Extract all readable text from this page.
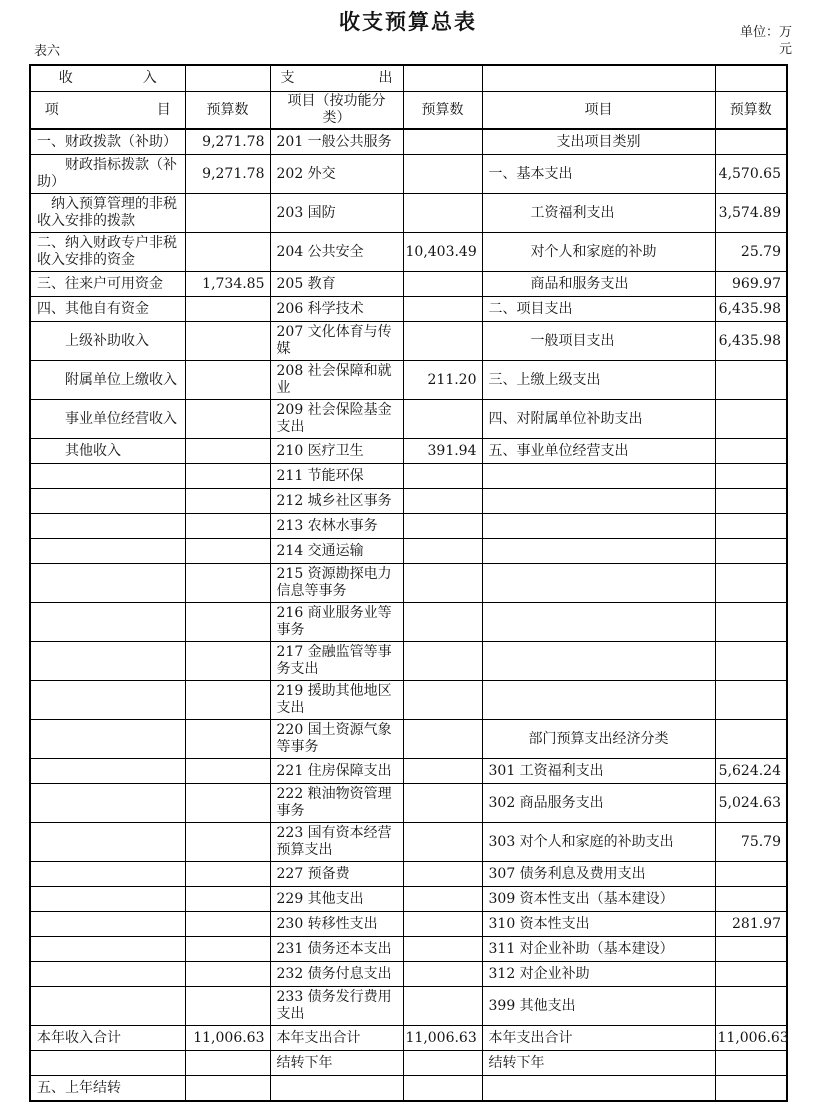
收支预算总表
表六
单位：万元
收　　　　　入		支　　　　　　出			
项　　　　　　　目	预算数	项目（按功能分类）	预算数	项目	预算数
一、财政拨款（补助）	9,271.78	201 一般公共服务		支出项目类别	
　　财政指标拨款（补助）	9,271.78	202 外交		一、基本支出	4,570.65
　纳入预算管理的非税收入安排的拨款		203 国防		　　　工资福利支出	3,574.89
二、纳入财政专户非税收入安排的资金		204 公共安全	10,403.49	　　　对个人和家庭的补助	25.79
三、往来户可用资金	1,734.85	205 教育		　　　商品和服务支出	969.97
四、其他自有资金		206 科学技术		二、项目支出	6,435.98
　　上级补助收入		207 文化体育与传媒		　　　一般项目支出	6,435.98
　　附属单位上缴收入		208 社会保障和就业	211.20	三、上缴上级支出	
　　事业单位经营收入		209 社会保险基金支出		四、对附属单位补助支出	
　　其他收入		210 医疗卫生	391.94	五、事业单位经营支出	
		211 节能环保			
		212 城乡社区事务			
		213 农林水事务			
		214 交通运输			
		215 资源勘探电力信息等事务			
		216 商业服务业等事务			
		217 金融监管等事务支出			
		219 援助其他地区支出			
		220 国土资源气象等事务		部门预算支出经济分类	
		221 住房保障支出		301 工资福利支出	5,624.24
		222 粮油物资管理事务		302 商品服务支出	5,024.63
		223 国有资本经营预算支出		303 对个人和家庭的补助支出	75.79
		227 预备费		307 债务利息及费用支出	
		229 其他支出		309 资本性支出（基本建设）	
		230 转移性支出		310 资本性支出	281.97
		231 债务还本支出		311 对企业补助（基本建设）	
		232 债务付息支出		312 对企业补助	
		233 债务发行费用支出		399 其他支出	
本年收入合计	11,006.63	本年支出合计	11,006.63	本年支出合计	11,006.63
		结转下年		结转下年	
五、上年结转					
